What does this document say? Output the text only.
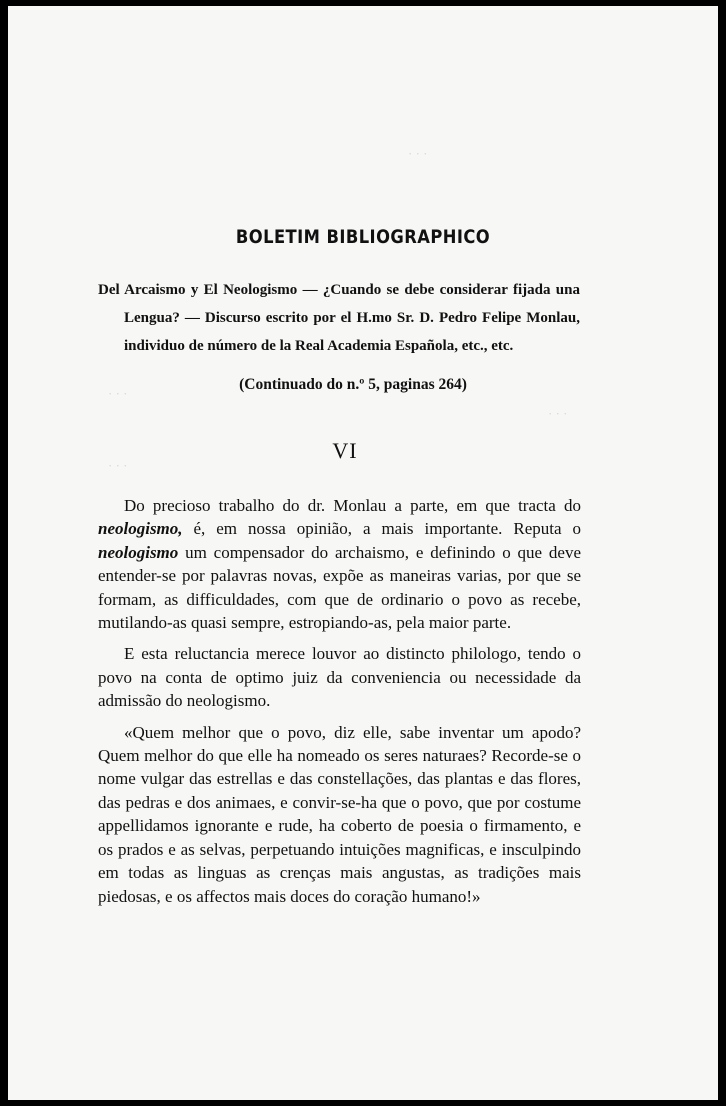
· · ·
· · ·
· · ·
· · ·
BOLETIM BIBLIOGRAPHICO
Del Arcaismo y El Neologismo — ¿Cuando se debe considerar fijada una
Lengua? — Discurso escrito por el H.mo Sr. D. Pedro Felipe Monlau,
individuo de número de la Real Academia Española, etc., etc.
(Continuado do n.º 5, paginas 264)
VI

Do precioso trabalho do dr. Monlau a parte, em que tracta do neologismo, é, em nossa opinião, a mais importante. Reputa o neologismo um compensador do archaismo, e definindo o que deve entender-se por palavras novas, expõe as maneiras varias, por que se formam, as difficuldades, com que de ordinario o povo as recebe, mutilando-as quasi sempre, estropiando-as, pela maior parte.

E esta reluctancia merece louvor ao distincto philologo, tendo o povo na conta de optimo juiz da conveniencia ou necessidade da admissão do neologismo.

«Quem melhor que o povo, diz elle, sabe inventar um apodo? Quem melhor do que elle ha nomeado os seres naturaes? Recorde-se o nome vulgar das estrellas e das constellações, das plantas e das flores, das pedras e dos animaes, e convir-se-ha que o povo, que por costume appellidamos ignorante e rude, ha coberto de poesia o firmamento, e os prados e as selvas, perpetuando intuições magnificas, e insculpindo em todas as linguas as crenças mais angustas, as tradições mais piedosas, e os affectos mais doces do coração humano!»
